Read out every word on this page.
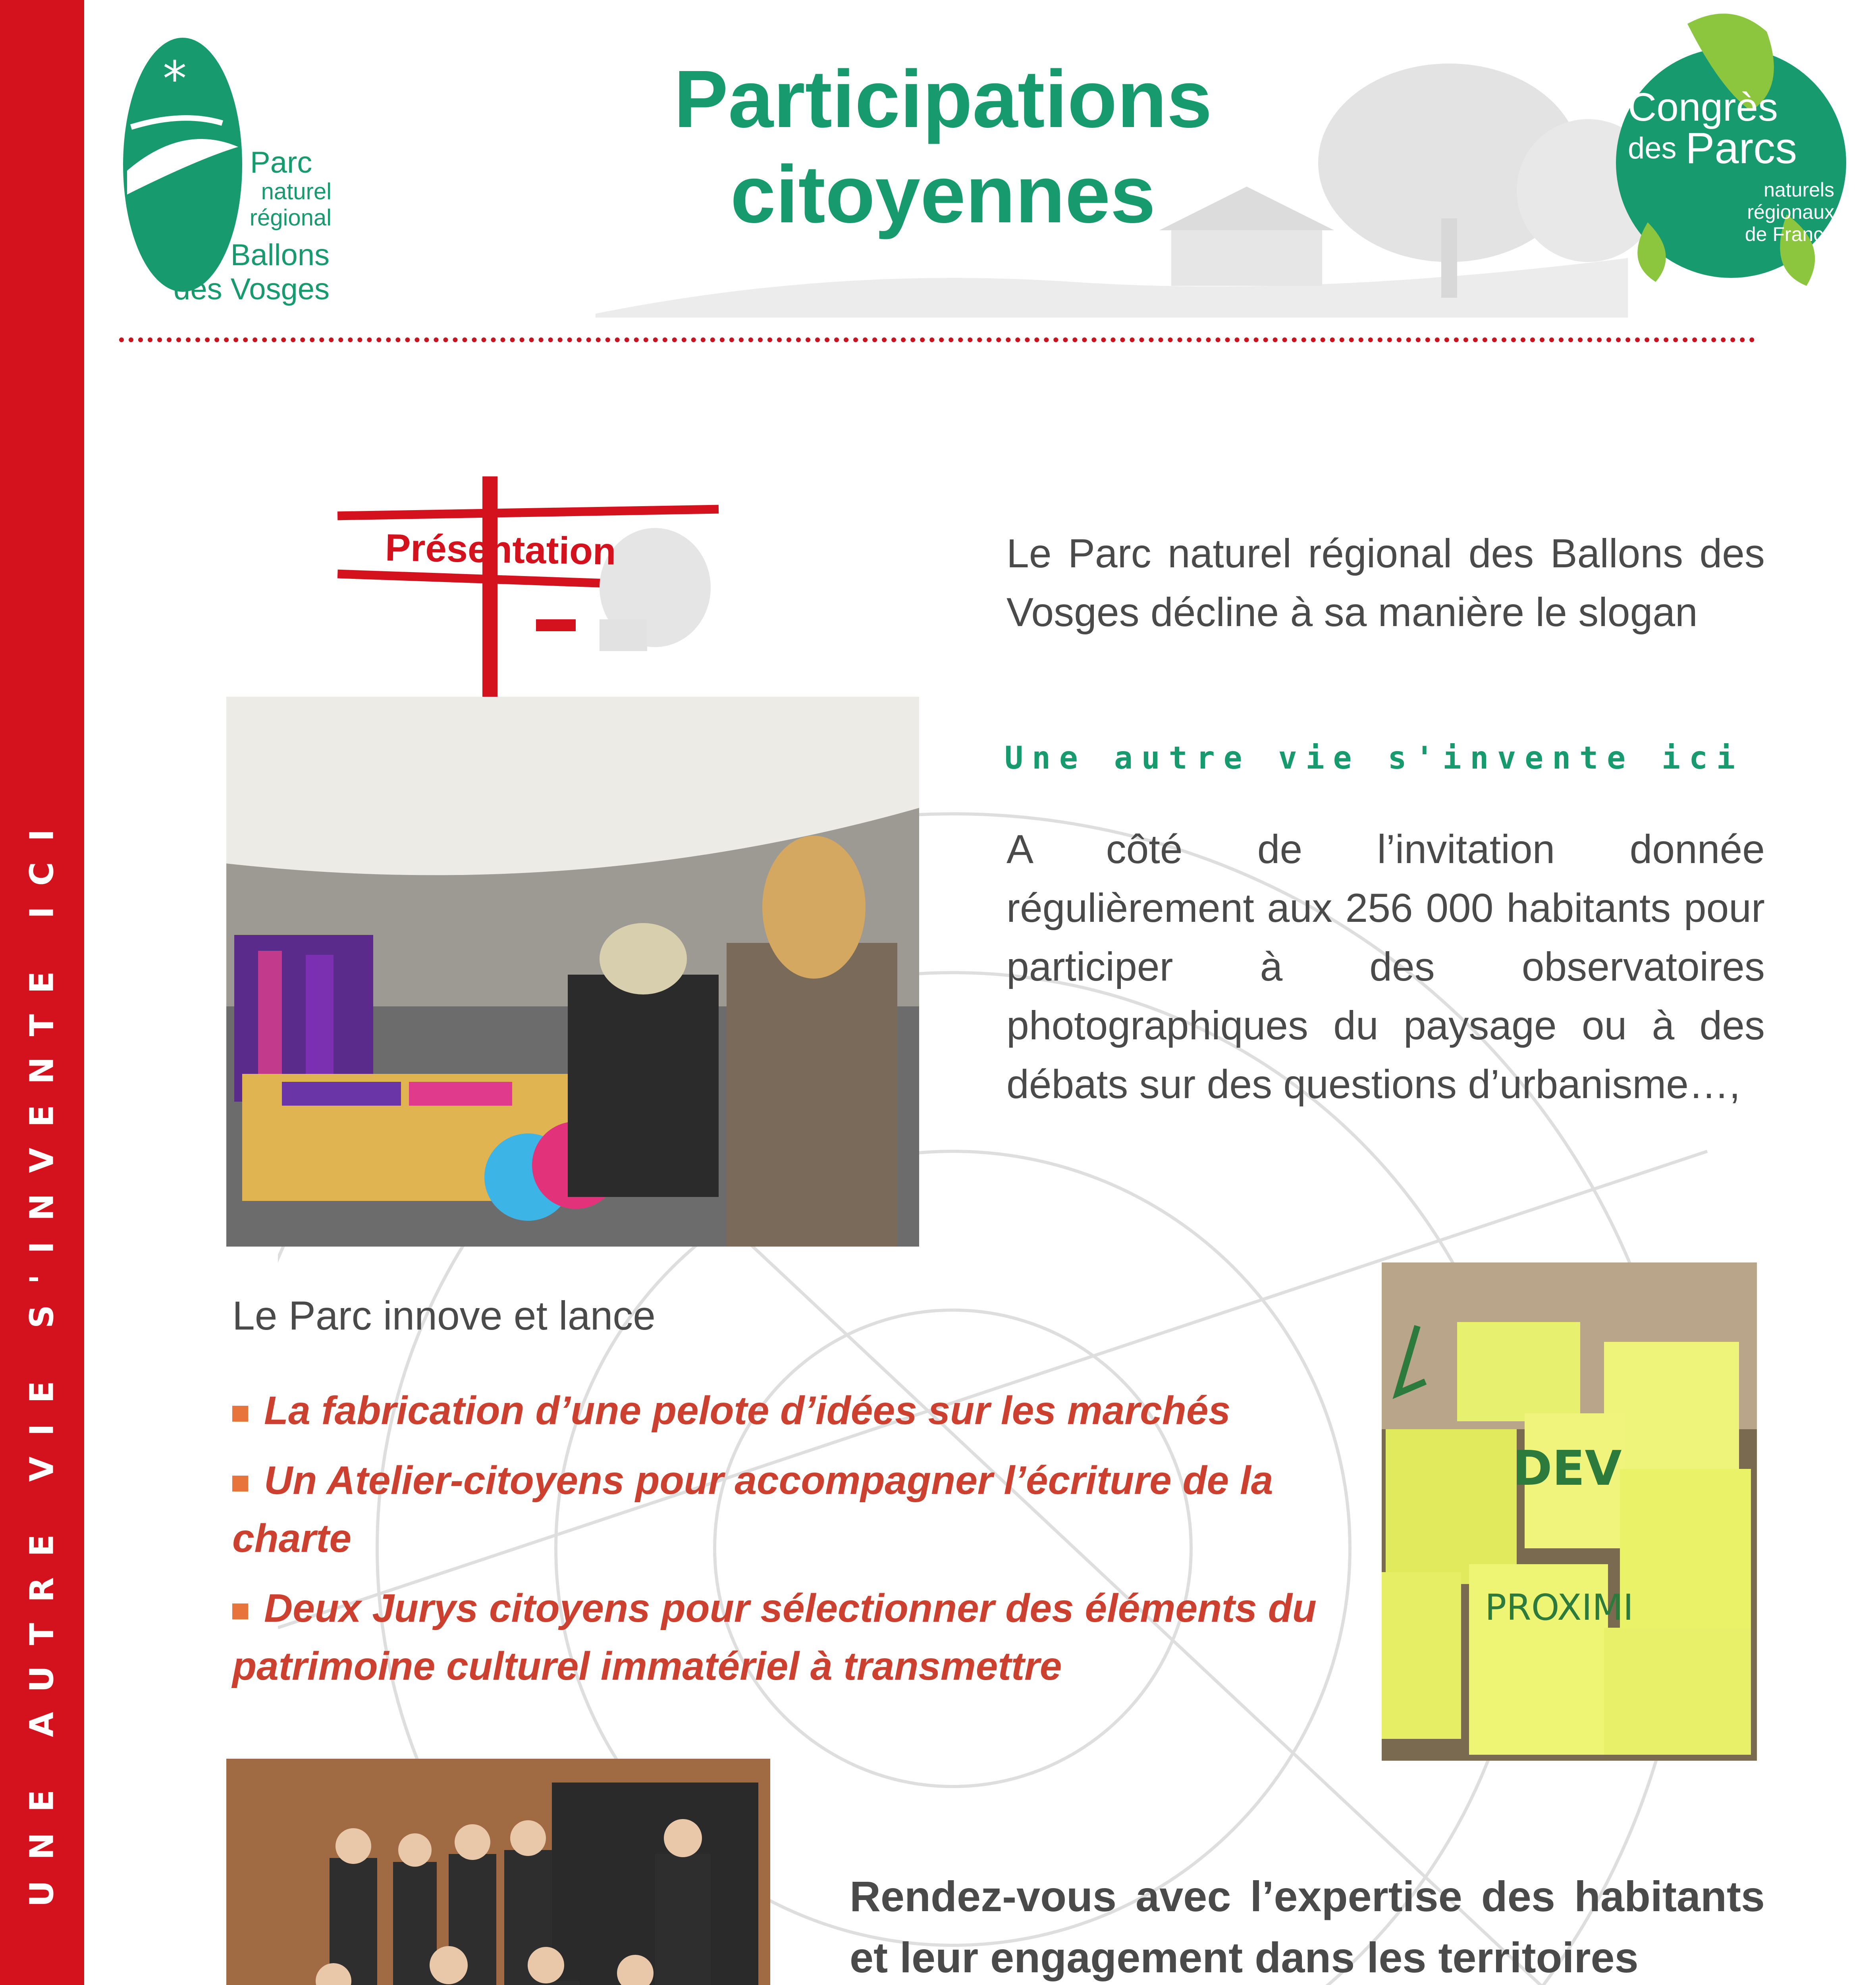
UNE AUTRE VIE S'INVENTE ICI
*
Parc
naturel
régional
des Ballons
des Vosges
Participations
citoyennes
Congrès
des Parcs
naturels
régionaux
de France
Présentation	Le Parc naturel régional des Ballons des Vosges décline à sa manière le slogan
Une autre vie s'invente ici
A côté de l’invitation donnée régulièrement aux 256 000 habitants pour participer à des observatoires photographiques du paysage ou à des débats sur des questions d’urbanisme…,
Le Parc innove et lance
La fabrication d’une pelote d’idées sur les marchés
Un Atelier-citoyens pour accompagner l’écriture de la charte
Deux Jurys citoyens pour sélectionner des éléments du patrimoine culturel immatériel à transmettre
DEV
PROXIMI
Rendez-vous avec l’expertise des habitants et leur engagement dans les territoires
